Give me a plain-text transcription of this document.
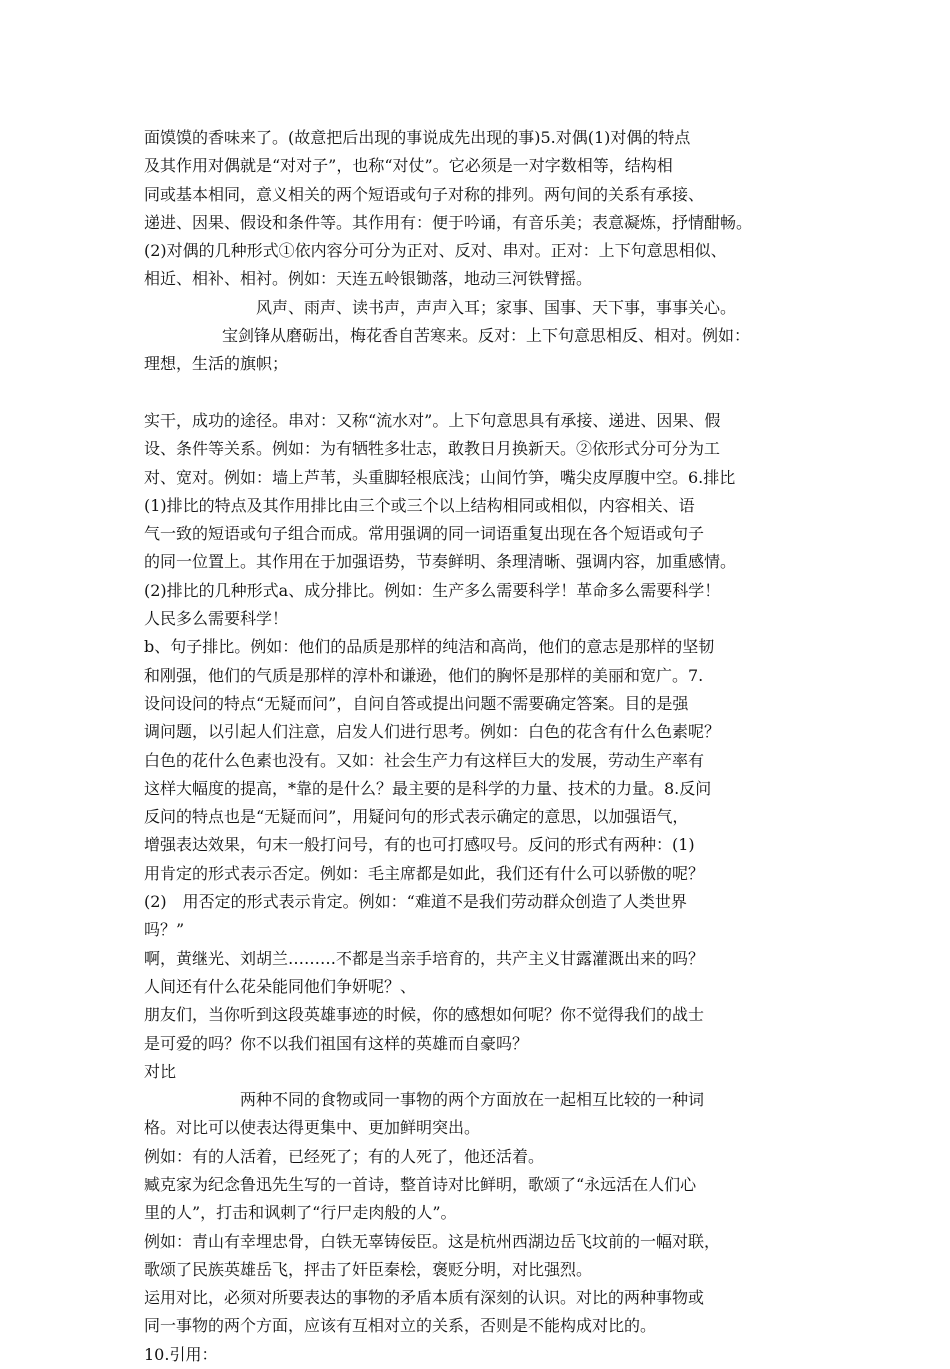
面馍馍的香味来了。(故意把后出现的事说成先出现的事)5.对偶(1)对偶的特点
及其作用对偶就是“对对子”，也称“对仗”。它必须是一对字数相等，结构相
同或基本相同，意义相关的两个短语或句子对称的排列。两句间的关系有承接、
递进、因果、假设和条件等。其作用有：便于吟诵，有音乐美；表意凝炼，抒情酣畅。
(2)对偶的几种形式①依内容分可分为正对、反对、串对。正对：上下句意思相似、
相近、相补、相衬。例如：天连五岭银锄落，地动三河铁臂摇。
风声、雨声、读书声，声声入耳；家事、国事、天下事，事事关心。
宝剑锋从磨砺出，梅花香自苦寒来。反对：上下句意思相反、相对。例如：
理想，生活的旗帜；
实干，成功的途径。串对：又称“流水对”。上下句意思具有承接、递进、因果、假
设、条件等关系。例如：为有牺牲多壮志，敢教日月换新天。②依形式分可分为工
对、宽对。例如：墙上芦苇，头重脚轻根底浅；山间竹笋，嘴尖皮厚腹中空。6.排比
(1)排比的特点及其作用排比由三个或三个以上结构相同或相似，内容相关、语
气一致的短语或句子组合而成。常用强调的同一词语重复出现在各个短语或句子
的同一位置上。其作用在于加强语势，节奏鲜明、条理清晰、强调内容，加重感情。
(2)排比的几种形式a、成分排比。例如：生产多么需要科学！革命多么需要科学！
人民多么需要科学！
b、句子排比。例如：他们的品质是那样的纯洁和高尚，他们的意志是那样的坚韧
和刚强，他们的气质是那样的淳朴和谦逊，他们的胸怀是那样的美丽和宽广。7.
设问设问的特点“无疑而问”，自问自答或提出问题不需要确定答案。目的是强
调问题，以引起人们注意，启发人们进行思考。例如：白色的花含有什么色素呢？
白色的花什么色素也没有。又如：社会生产力有这样巨大的发展，劳动生产率有
这样大幅度的提高，*靠的是什么？最主要的是科学的力量、技术的力量。8.反问
反问的特点也是“无疑而问”，用疑问句的形式表示确定的意思，以加强语气，
增强表达效果，句末一般打问号，有的也可打感叹号。反问的形式有两种：(1)
用肯定的形式表示否定。例如：毛主席都是如此，我们还有什么可以骄傲的呢？
(2)　用否定的形式表示肯定。例如：“难道不是我们劳动群众创造了人类世界
吗？”
啊，黄继光、刘胡兰………不都是当亲手培育的，共产主义甘露灌溉出来的吗？
人间还有什么花朵能同他们争妍呢？、
朋友们，当你听到这段英雄事迹的时候，你的感想如何呢？你不觉得我们的战士
是可爱的吗？你不以我们祖国有这样的英雄而自豪吗？
对比
两种不同的食物或同一事物的两个方面放在一起相互比较的一种词
格。对比可以使表达得更集中、更加鲜明突出。
例如：有的人活着，已经死了；有的人死了，他还活着。
臧克家为纪念鲁迅先生写的一首诗，整首诗对比鲜明，歌颂了“永远活在人们心
里的人”，打击和讽刺了“行尸走肉般的人”。
例如：青山有幸埋忠骨，白铁无辜铸佞臣。这是杭州西湖边岳飞坟前的一幅对联，
歌颂了民族英雄岳飞，抨击了奸臣秦桧，褒贬分明，对比强烈。
运用对比，必须对所要表达的事物的矛盾本质有深刻的认识。对比的两种事物或
同一事物的两个方面，应该有互相对立的关系，否则是不能构成对比的。
10.引用：
